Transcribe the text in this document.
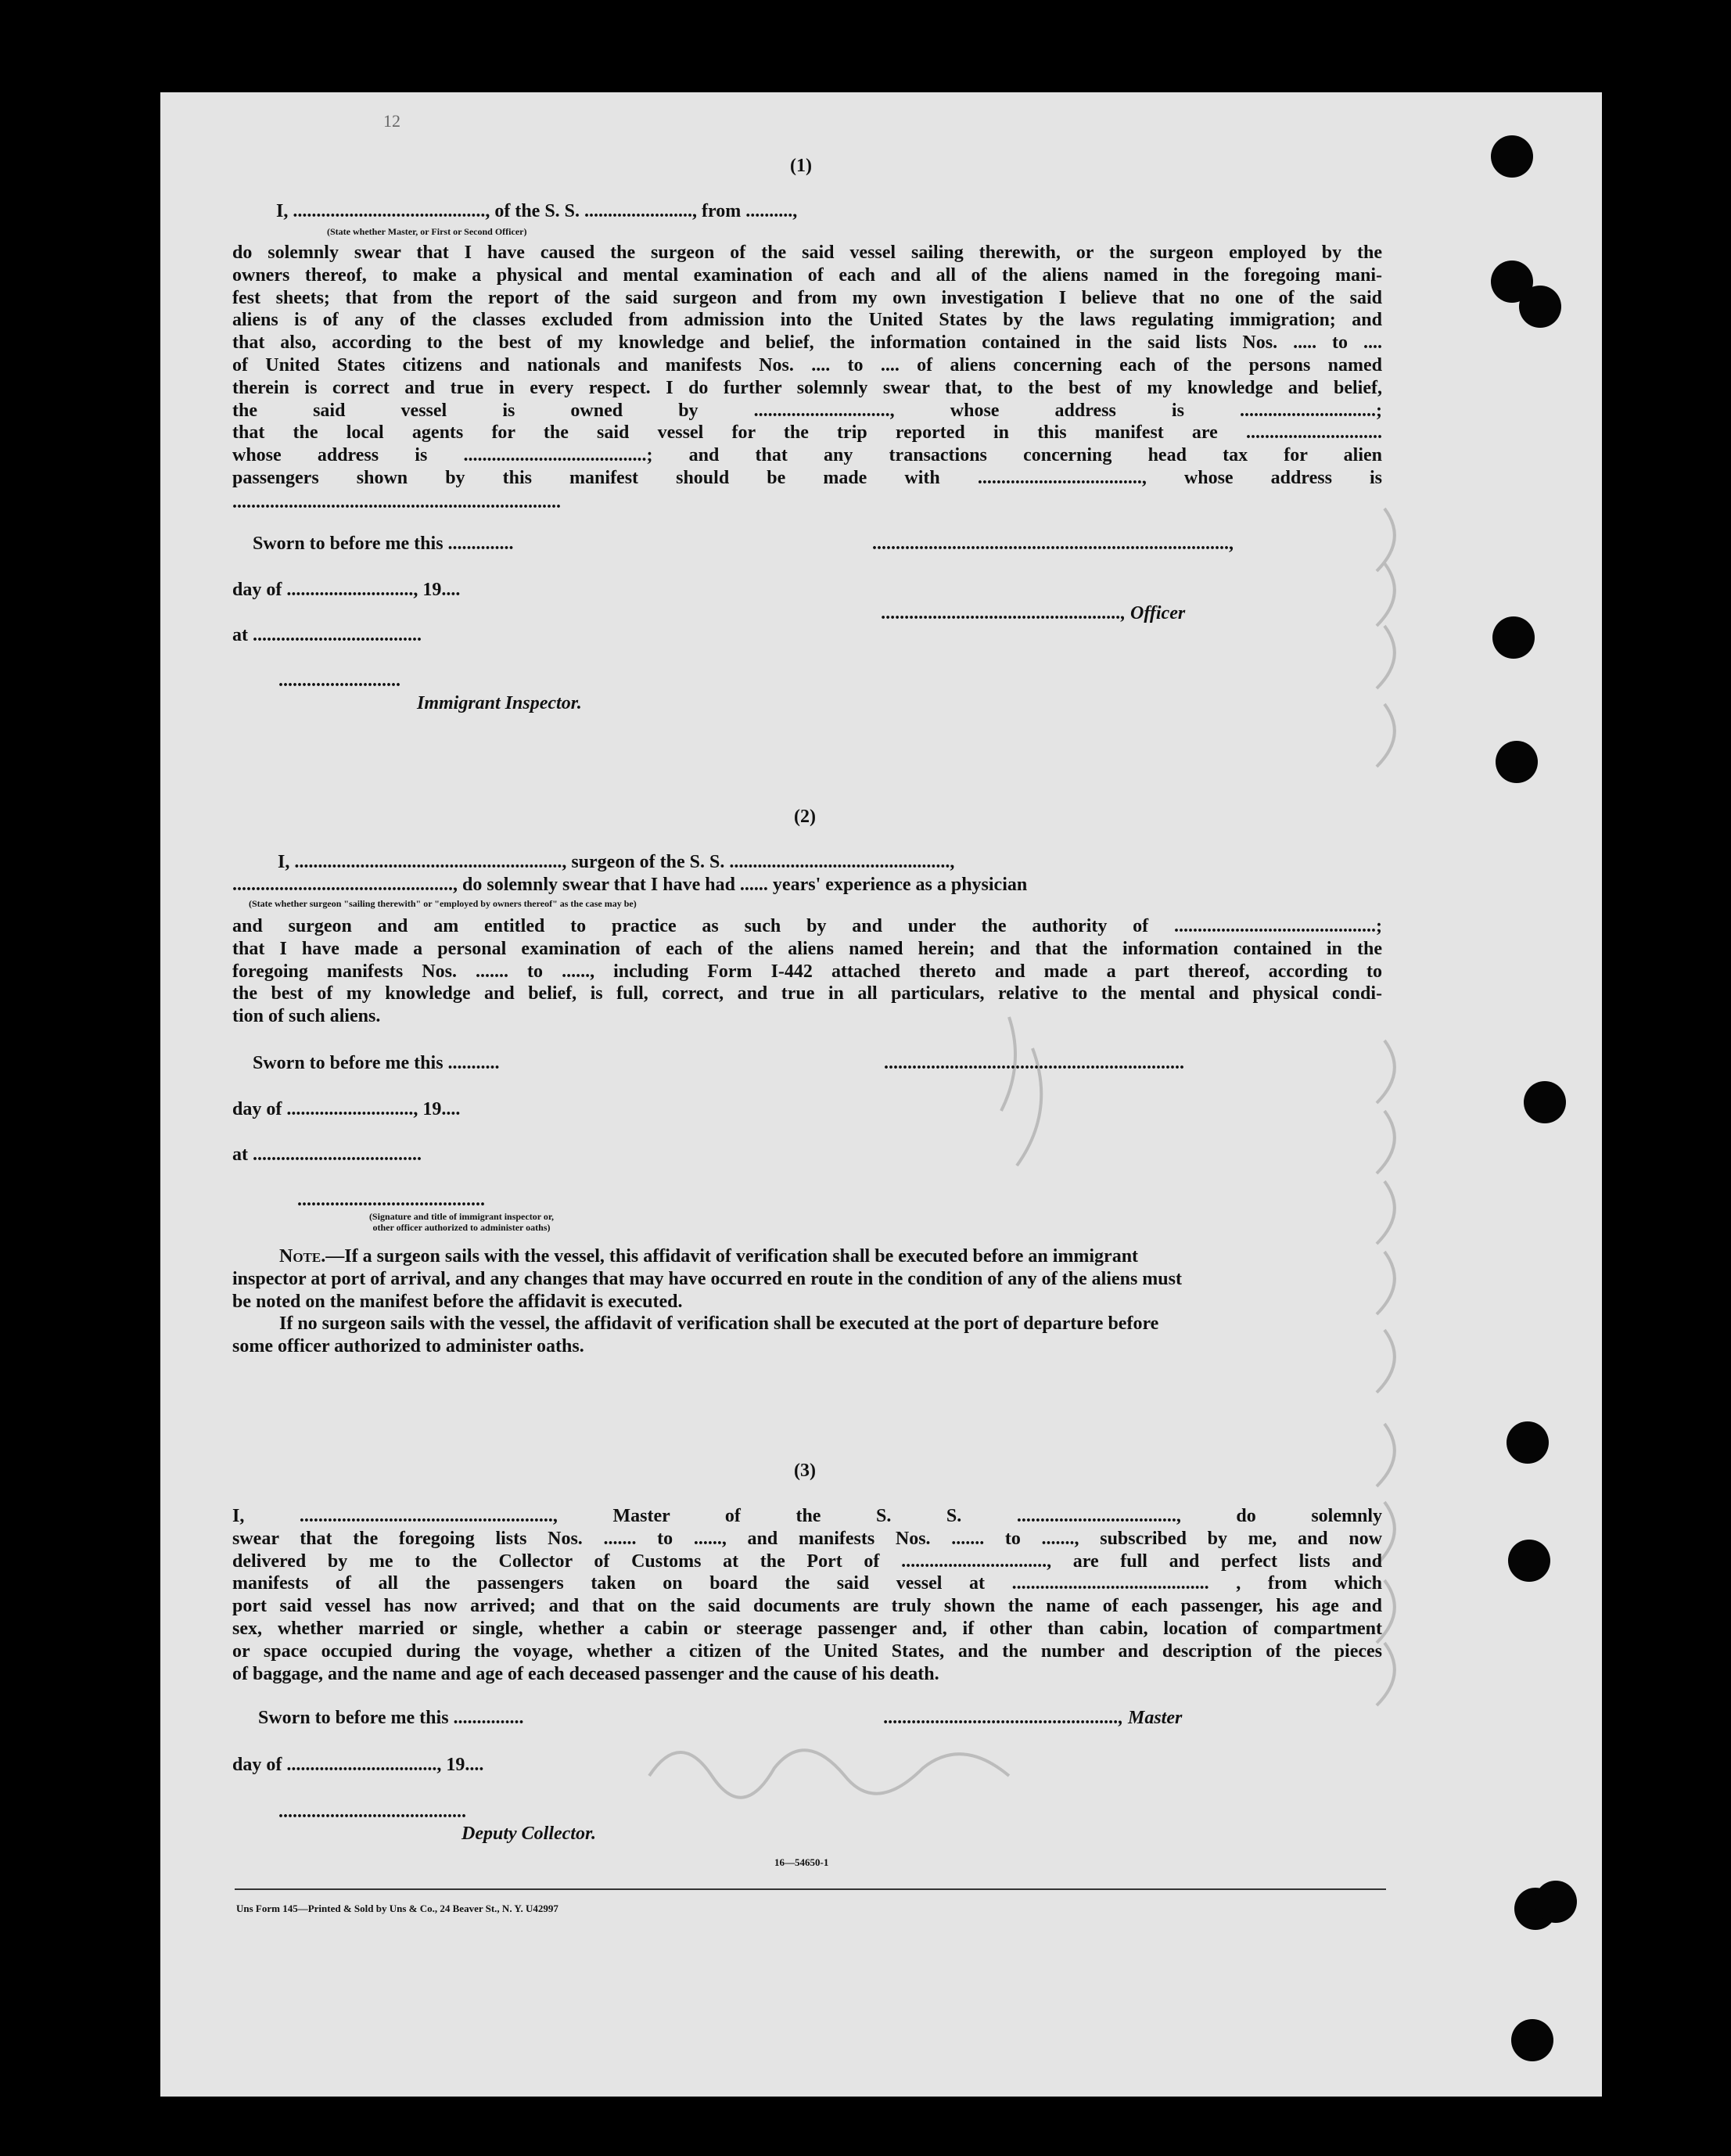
(1)
I, ........................................., of the S. S. ......................., from ..........,
(State whether Master, or First or Second Officer)
do solemnly swear that I have caused the surgeon of the said vessel sailing therewith, or the surgeon employed by the
owners thereof, to make a physical and mental examination of each and all of the aliens named in the foregoing mani-
fest sheets; that from the report of the said surgeon and from my own investigation I believe that no one of the said
aliens is of any of the classes excluded from admission into the United States by the laws regulating immigration; and
that also, according to the best of my knowledge and belief, the information contained in the said lists Nos. ..... to ....
of United States citizens and nationals and manifests Nos. .... to .... of aliens concerning each of the persons named
therein is correct and true in every respect. I do further solemnly swear that, to the best of my knowledge and belief,
the said vessel is owned by ............................., whose address is .............................;
that the local agents for the said vessel for the trip reported in this manifest are .............................
whose address is .......................................; and that any transactions concerning head tax for alien
passengers shown by this manifest should be made with ..................................., whose address is
......................................................................
Sworn to before me this ..............	............................................................................,
day of ..........................., 19....
..................................................., Officer
at ....................................
..........................
Immigrant Inspector.
(2)
I, ........................................................., surgeon of the S. S. ...............................................,
..............................................., do solemnly swear that I have had ...... years' experience as a physician
(State whether surgeon "sailing therewith" or "employed by owners thereof" as the case may be)
and surgeon and am entitled to practice as such by and under the authority of ...........................................;
that I have made a personal examination of each of the aliens named herein; and that the information contained in the
foregoing manifests Nos. ....... to ......, including Form I-442 attached thereto and made a part thereof, according to
the best of my knowledge and belief, is full, correct, and true in all particulars, relative to the mental and physical condi-
tion of such aliens.
Sworn to before me this ...........	................................................................
day of ..........................., 19....
at ....................................
........................................
(Signature and title of immigrant inspector or,
other officer authorized to administer oaths)
Note.—If a surgeon sails with the vessel, this affidavit of verification shall be executed before an immigrant
inspector at port of arrival, and any changes that may have occurred en route in the condition of any of the aliens must
be noted on the manifest before the affidavit is executed.
If no surgeon sails with the vessel, the affidavit of verification shall be executed at the port of departure before
some officer authorized to administer oaths.
(3)
I, ......................................................, Master of the S. S. .................................., do solemnly
swear that the foregoing lists Nos. ....... to ......, and manifests Nos. ....... to ......., subscribed by me, and now
delivered by me to the Collector of Customs at the Port of ..............................., are full and perfect lists and
manifests of all the passengers taken on board the said vessel at .......................................... , from which
port said vessel has now arrived; and that on the said documents are truly shown the name of each passenger, his age and
sex, whether married or single, whether a cabin or steerage passenger and, if other than cabin, location of compartment
or space occupied during the voyage, whether a citizen of the United States, and the number and description of the pieces
of baggage, and the name and age of each deceased passenger and the cause of his death.
Sworn to before me this ...............	.................................................., Master
day of ................................, 19....
........................................
Deputy Collector.
16—54650-1
Uns Form 145—Printed & Sold by Uns & Co., 24 Beaver St., N. Y. U42997
12
